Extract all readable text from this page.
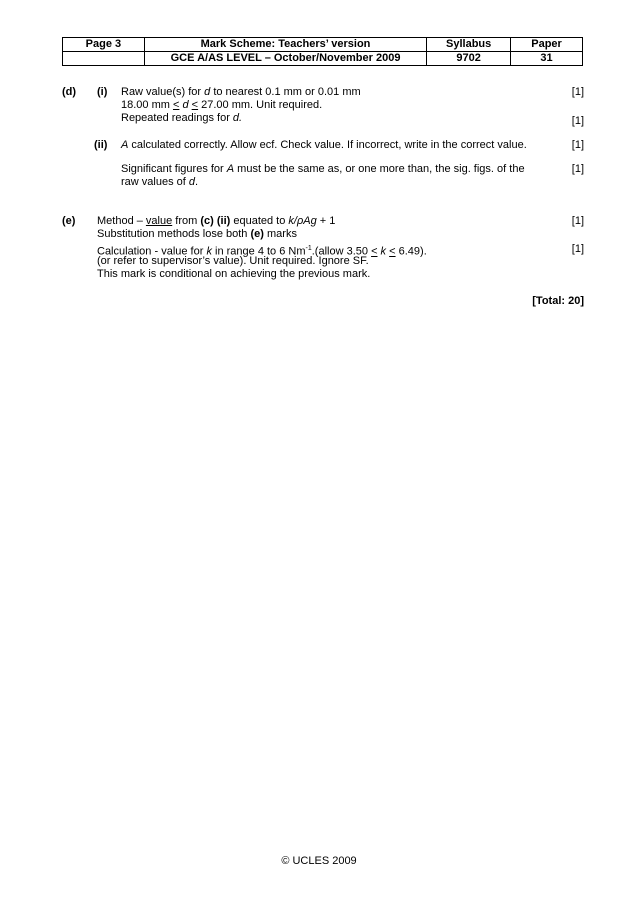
Page 3	Mark Scheme: Teachers’ version	Syllabus	Paper
	GCE A/AS LEVEL – October/November 2009	9702	31
(d) (i) Raw value(s) for d to nearest 0.1 mm or 0.01 mm	[1]
18.00 mm ≤ d ≤ 27.00 mm. Unit required.
Repeated readings for d.	[1]
(ii) A calculated correctly. Allow ecf. Check value. If incorrect, write in the correct value.	[1]
Significant figures for A must be the same as, or one more than, the sig. figs. of the	[1]
raw values of d.
(e) Method – value from (c) (ii) equated to k/ρAg + 1	[1]
Substitution methods lose both (e) marks
Calculation - value for k in range 4 to 6 $Nm^{-1}.(allow$ 3.50 ≤ k ≤ 6.49).	[1]
(or refer to supervisor’s value). Unit required. Ignore SF.
This mark is conditional on achieving the previous mark.
[Total: 20]
© UCLES 2009
